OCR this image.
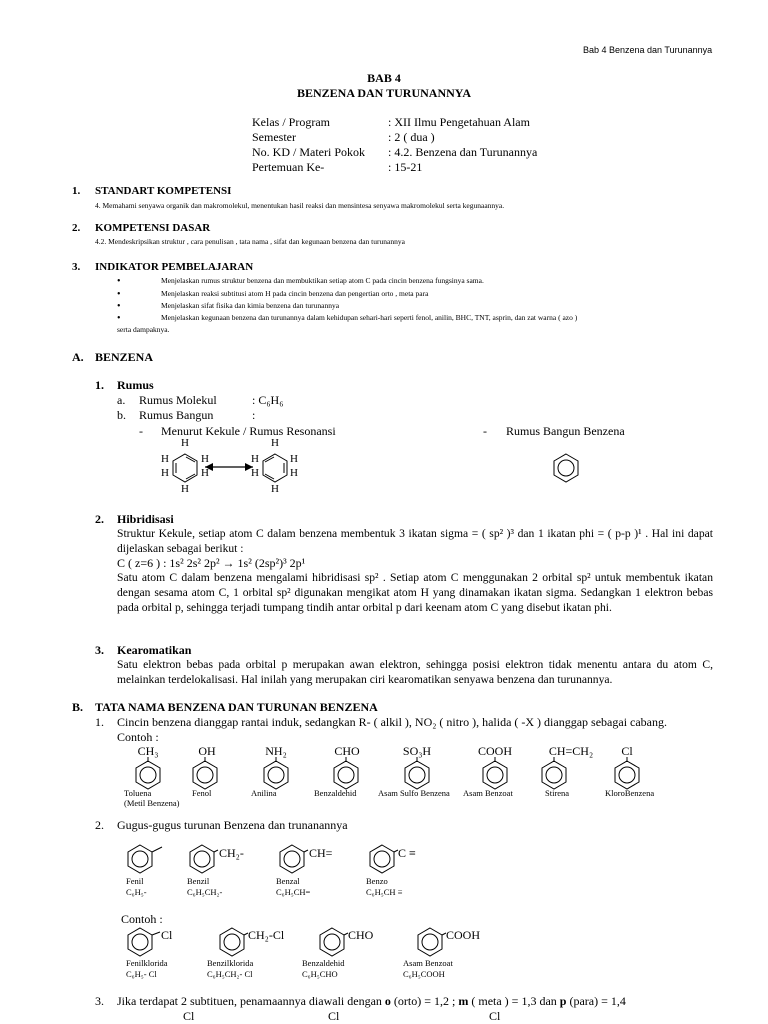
Bab 4 Benzena dan Turunannya
BAB 4
BENZENA DAN TURUNANNYA
Kelas / Program	: XII Ilmu Pengetahuan Alam
Semester	: 2 ( dua )
No. KD / Materi Pokok : 4.2. Benzena dan Turunannya
Pertemuan Ke-	: 15-21
1. STANDART KOMPETENSI
4. Memahami senyawa organik dan makromolekul, menentukan hasil reaksi dan mensintesa senyawa makromolekul serta kegunaannya.
2. KOMPETENSI DASAR
4.2. Mendeskripsikan struktur , cara penulisan , tata nama , sifat dan kegunaan benzena dan turunannya
3. INDIKATOR PEMBELAJARAN
• Menjelaskan rumus struktur benzena dan membuktikan setiap atom C pada cincin benzena fungsinya sama.
• Menjelaskan reaksi subtitusi atom H pada cincin benzena dan pengertian orto , meta para
• Menjelaskan sifat fisika dan kimia benzena dan turunannya
• Menjelaskan kegunaan benzena dan turunannya dalam kehidupan sehari-hari seperti fenol, anilin, BHC, TNT, asprin, dan zat warna ( azo )
serta dampaknya.
A. BENZENA
1. Rumus
a. Rumus Molekul	: C₆H₆
b. Rumus Bangun	:
- Menurut Kekule / Rumus Resonansi	- Rumus Bangun Benzena
H
H	H
H	H
H
H
H	H
H	H
H
2. Hibridisasi
Struktur Kekule, setiap atom C dalam benzena membentuk 3 ikatan sigma = ( sp² )³ dan 1 ikatan phi = ( p-p )¹ . Hal ini dapat dijelaskan sebagai berikut :
C ( z=6 ) : 1s² 2s² 2p² → 1s² (2sp²)³ 2p¹
Satu atom C dalam benzena mengalami hibridisasi sp² . Setiap atom C menggunakan 2 orbital sp² untuk membentuk ikatan dengan sesama atom C, 1 orbital sp² digunakan mengikat atom H yang dinamakan ikatan sigma. Sedangkan 1 elektron bebas pada orbital p, sehingga terjadi tumpang tindih antar orbital p dari keenam atom C yang disebut ikatan phi.
3. Kearomatikan
Satu elektron bebas pada orbital p merupakan awan elektron, sehingga posisi elektron tidak menentu antara du atom C, melainkan terdelokalisasi. Hal inilah yang merupakan ciri kearomatikan senyawa benzena dan turunannya.
B. TATA NAMA BENZENA DAN TURUNAN BENZENA
1. Cincin benzena dianggap rantai induk, sedangkan R- ( alkil ), NO₂ ( nitro ), halida ( -X ) dianggap sebagai cabang.
Contoh :
CH₃	OH	NH₂	CHO	SO₃H	COOH	CH=CH₂	Cl
Toluena
(Metil Benzena)
Fenol	Anilina	Benzaldehid	Asam Sulfo Benzena Asam Benzoat	Stirena	KloroBenzena
2. Gugus-gugus turunan Benzena dan trunanannya
CH₂-	CH=	C ≡
Fenil
C₆H₅-
Benzil
C₆H₅CH₂-
Benzal
C₆H₅CH=
Benzo
C₆H₅CH ≡
Contoh :
Cl	CH₂-Cl	CHO	COOH
Fenilklorida
C₆H₅- Cl
Benzilklorida
C₆H₅CH₂- Cl
Benzaldehid
C₆H₅CHO
Asam Benzoat
C₆H₅COOH
3. Jika terdapat 2 subtituen, penamaannya diawali dengan o (orto) = 1,2 ; m ( meta ) = 1,3 dan p (para) = 1,4
Cl	Cl	Cl
